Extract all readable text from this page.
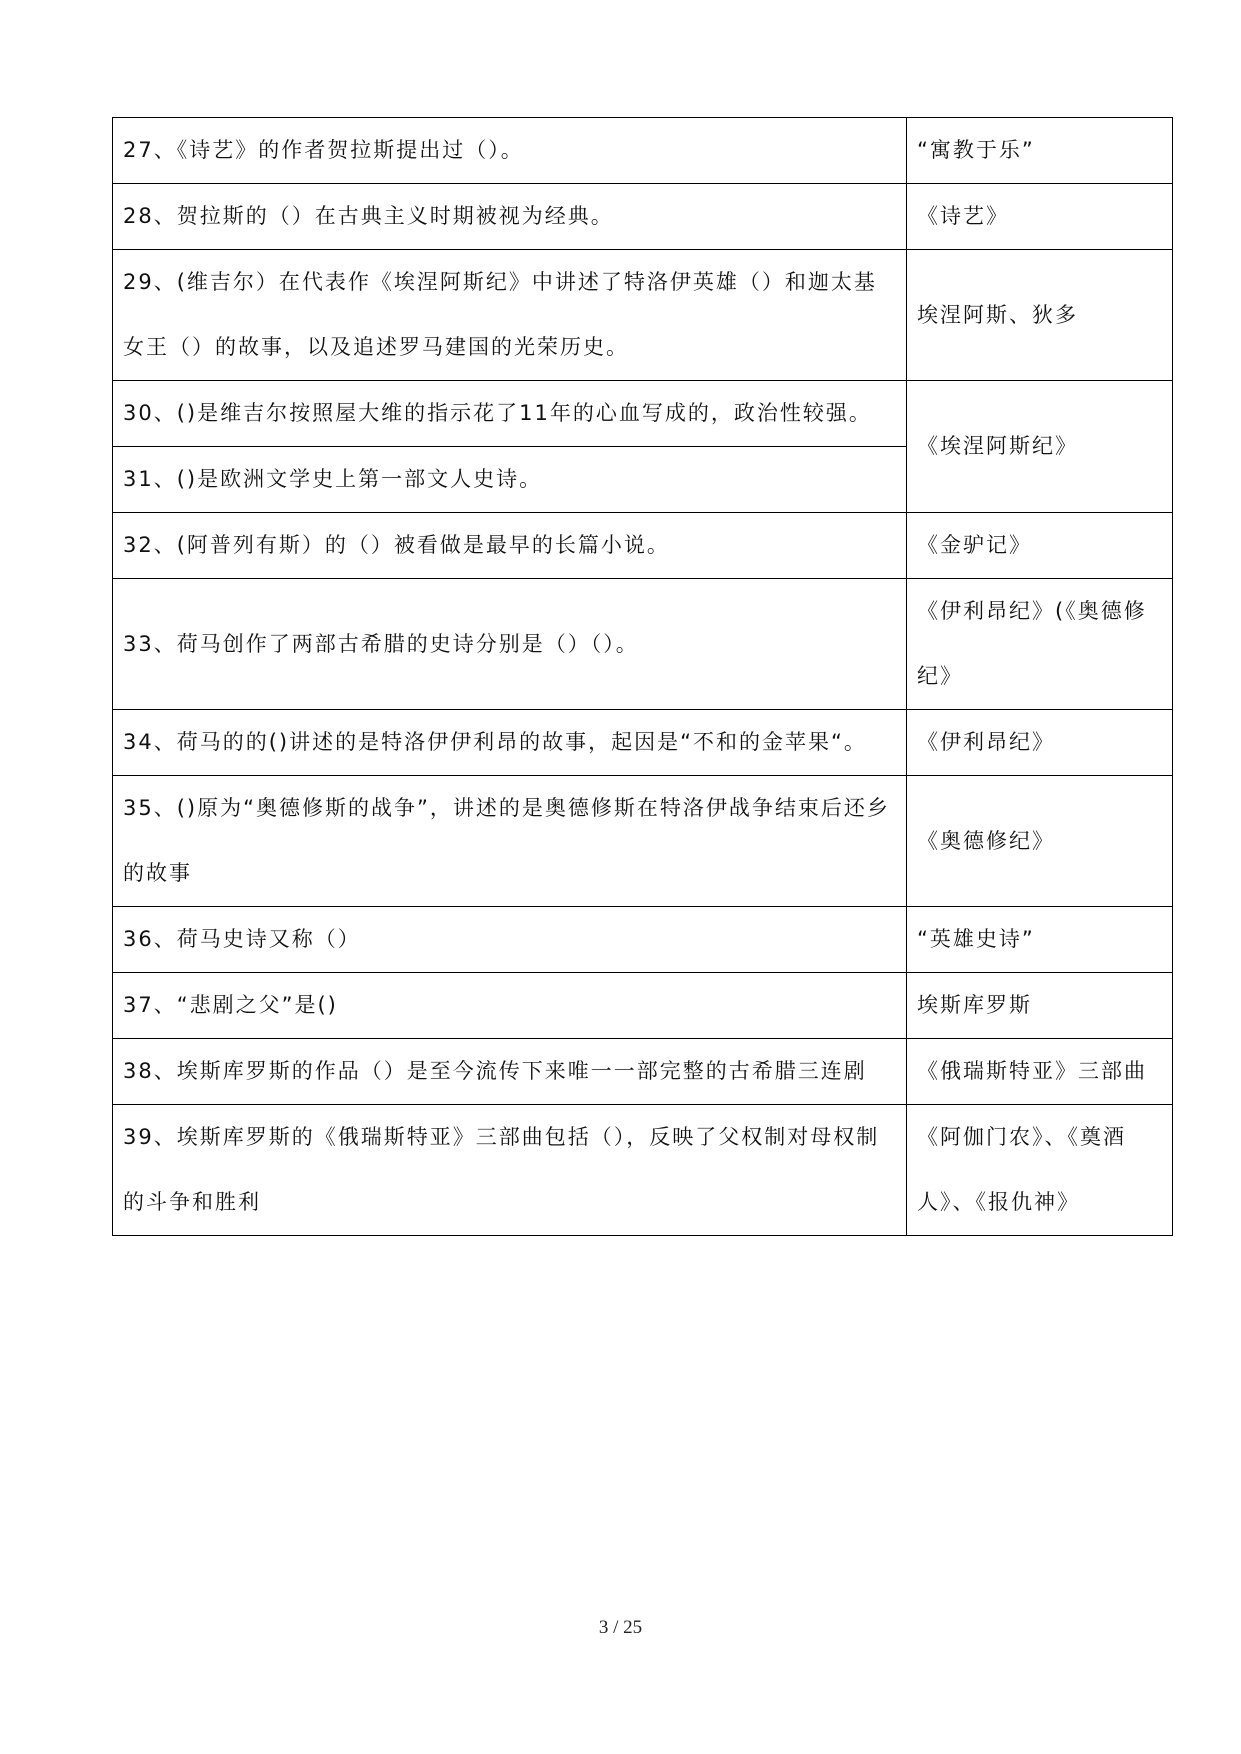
27、《诗艺》的作者贺拉斯提出过（）。	“寓教于乐”
28、贺拉斯的（）在古典主义时期被视为经典。	《诗艺》
29、(维吉尔）在代表作《埃涅阿斯纪》中讲述了特洛伊英雄（）和迦太基女王（）的故事，以及追述罗马建国的光荣历史。	埃涅阿斯、狄多
30、()是维吉尔按照屋大维的指示花了11年的心血写成的，政治性较强。	《埃涅阿斯纪》
31、()是欧洲文学史上第一部文人史诗。	
32、(阿普列有斯）的（）被看做是最早的长篇小说。	《金驴记》
33、荷马创作了两部古希腊的史诗分别是（）（）。	《伊利昂纪》(《奥德修纪》
34、荷马的的()讲述的是特洛伊伊利昂的故事，起因是“不和的金苹果“。	《伊利昂纪》
35、()原为“奥德修斯的战争”，讲述的是奥德修斯在特洛伊战争结束后还乡的故事	《奥德修纪》
36、荷马史诗又称（）	“英雄史诗”
37、“悲剧之父”是()	埃斯库罗斯
38、埃斯库罗斯的作品（）是至今流传下来唯一一部完整的古希腊三连剧	《俄瑞斯特亚》三部曲
39、埃斯库罗斯的《俄瑞斯特亚》三部曲包括（），反映了父权制对母权制的斗争和胜利	《阿伽门农》、《奠酒人》、《报仇神》
3 / 25
